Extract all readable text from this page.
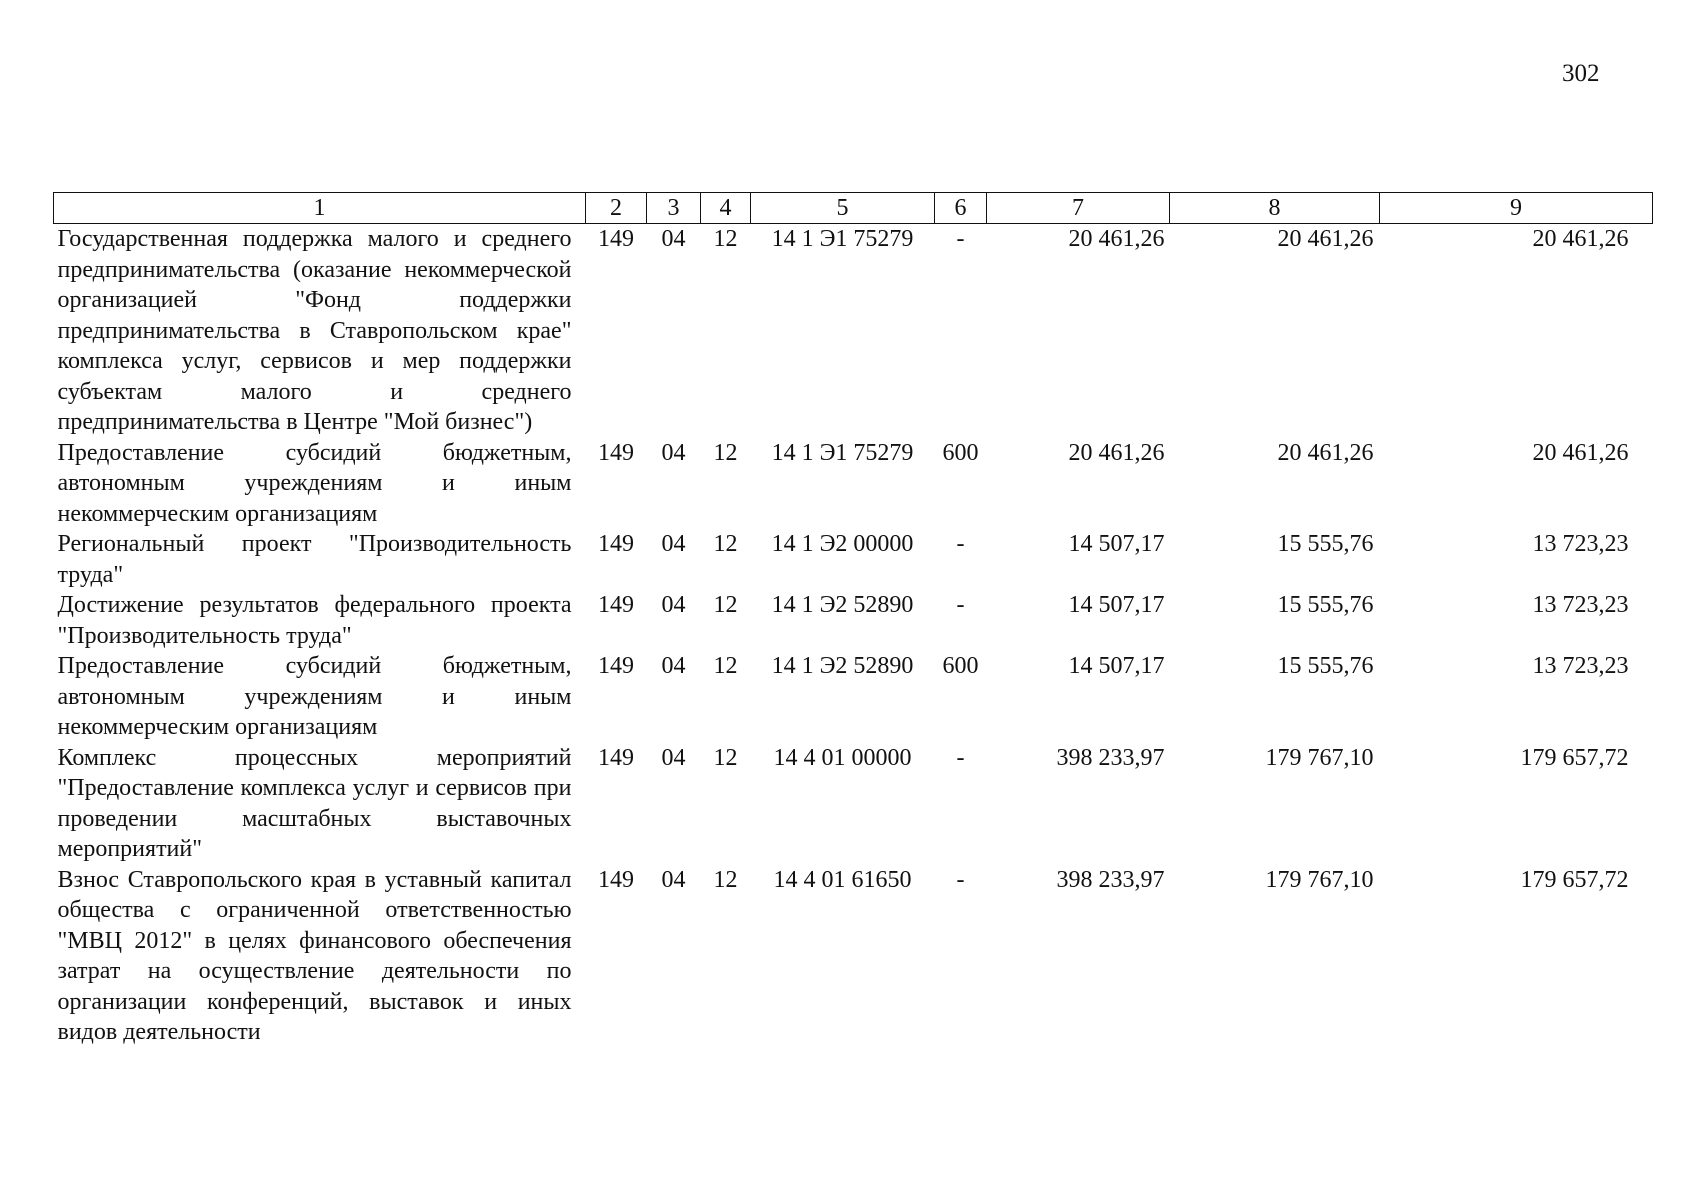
302
1	2	3	4	5	6	7	8	9
Государственная поддержка малого и среднего предпринимательства (оказание некоммерческой организацией "Фонд поддержки предпринимательства в Ставропольском крае" комплекса услуг, сервисов и мер поддержки субъектам малого и среднего предпринимательства в Центре "Мой бизнес")	149	04	12	14 1 Э1 75279	-	20 461,26	20 461,26	20 461,26
Предоставление субсидий бюджетным, автономным учреждениям и иным некоммерческим организациям	149	04	12	14 1 Э1 75279	600	20 461,26	20 461,26	20 461,26
Региональный проект "Производительность труда"	149	04	12	14 1 Э2 00000	-	14 507,17	15 555,76	13 723,23
Достижение результатов федерального проекта "Производительность труда"	149	04	12	14 1 Э2 52890	-	14 507,17	15 555,76	13 723,23
Предоставление субсидий бюджетным, автономным учреждениям и иным некоммерческим организациям	149	04	12	14 1 Э2 52890	600	14 507,17	15 555,76	13 723,23
Комплекс процессных мероприятий "Предоставление комплекса услуг и сервисов при проведении масштабных выставочных мероприятий"	149	04	12	14 4 01 00000	-	398 233,97	179 767,10	179 657,72
Взнос Ставропольского края в уставный капитал общества с ограниченной ответственностью "МВЦ 2012" в целях финансового обеспечения затрат на осуществление деятельности по организации конференций, выставок и иных видов деятельности	149	04	12	14 4 01 61650	-	398 233,97	179 767,10	179 657,72
